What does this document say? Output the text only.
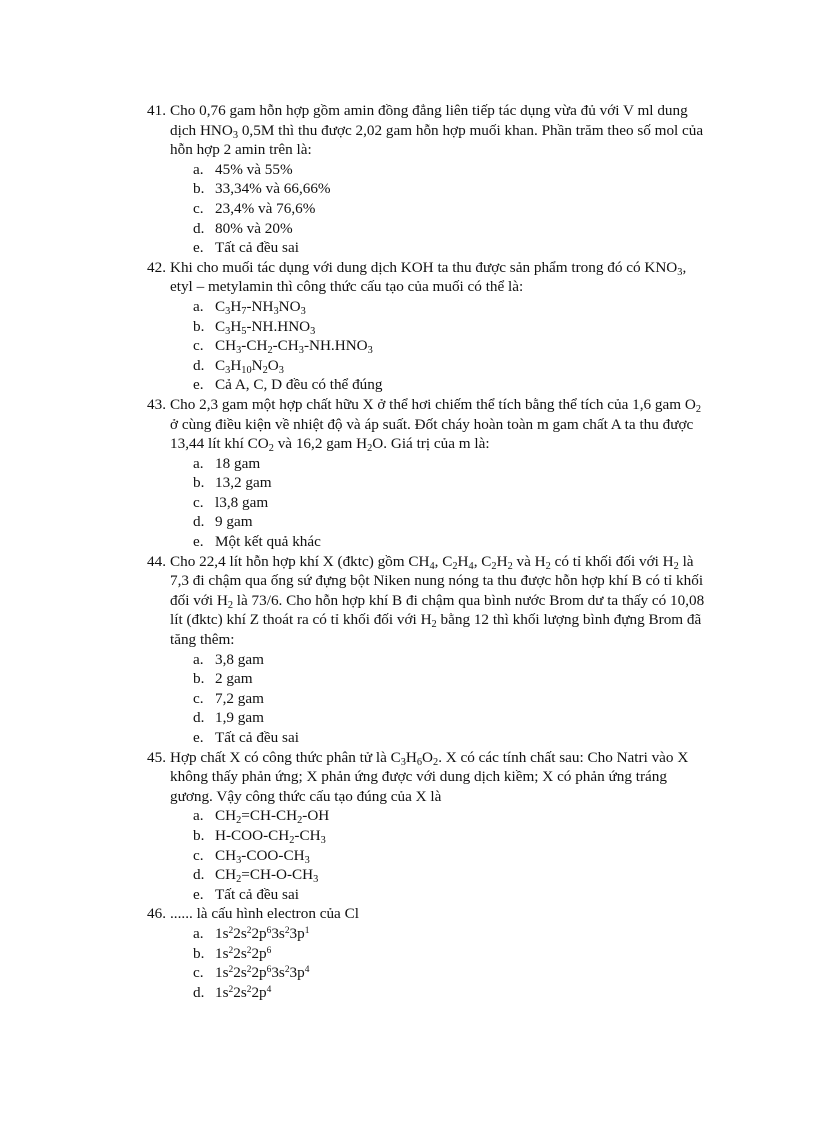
41. Cho 0,76 gam hỗn hợp gồm amin đồng đẳng liên tiếp tác dụng vừa đủ với V ml dung dịch $HNO_3$ 0,5M thì thu được 2,02 gam hỗn hợp muối khan. Phần trăm theo số mol của hỗn hợp 2 amin trên là:
a. 45% và 55%
b. 33,34% và 66,66%
c. 23,4% và 76,6%
d. 80% và 20%
e. Tất cả đều sai
42. Khi cho muối tác dụng với dung dịch KOH ta thu được sản phẩm trong đó có $KNO_3$, etyl – metylamin thì công thức cấu tạo của muối có thể là:
a. $C_3H_7-NH_3NO_3$
b. $C_3H_5-NH.HNO_3$
c. $CH_3-CH_2-CH_3-NH.HNO_3$
d. $C_3H_{10}N_2O_3$
e. Cả A, C, D đều có thể đúng
43. Cho 2,3 gam một hợp chất hữu X ở thể hơi chiếm thể tích bằng thể tích của 1,6 gam $O_2$ ở cùng điều kiện về nhiệt độ và áp suất. Đốt cháy hoàn toàn m gam chất A ta thu được 13,44 lít khí $CO_2$ và 16,2 gam $H_2O$. Giá trị của m là:
a. 18 gam
b. 13,2 gam
c. l3,8 gam
d. 9 gam
e. Một kết quả khác
44. Cho 22,4 lít hỗn hợp khí X (đktc) gồm $CH_4$, $C_2H_4$, $C_2H_2$ và $H_2$ có tỉ khối đối với $H_2$ là 7,3 đi chậm qua ống sứ đựng bột Niken nung nóng ta thu được hỗn hợp khí B có tỉ khối đối với $H_2$ là 73/6. Cho hỗn hợp khí B đi chậm qua bình nước Brom dư ta thấy có 10,08 lít (đktc) khí Z thoát ra có tỉ khối đối với $H_2$ bằng 12 thì khối lượng bình đựng Brom đã tăng thêm:
a. 3,8 gam
b. 2 gam
c. 7,2 gam
d. 1,9 gam
e. Tất cả đều sai
45. Hợp chất X có công thức phân tử là $C_3H_6O_2$. X có các tính chất sau: Cho Natri vào X không thấy phản ứng; X phản ứng được với dung dịch kiềm; X có phản ứng tráng gương. Vậy công thức cấu tạo đúng của X là
a. $CH_2=CH-CH_2-OH$
b. $H-COO-CH_2-CH_3$
c. $CH_3-COO-CH_3$
d. $CH_2=CH-O-CH_3$
e. Tất cả đều sai
46. ...... là cấu hình electron của Cl
a. $1s^22s^22p^63s^23p^1$
b. $1s^22s^22p^6$
c. $1s^22s^22p^63s^23p^4$
d. $1s^22s^22p^4$
